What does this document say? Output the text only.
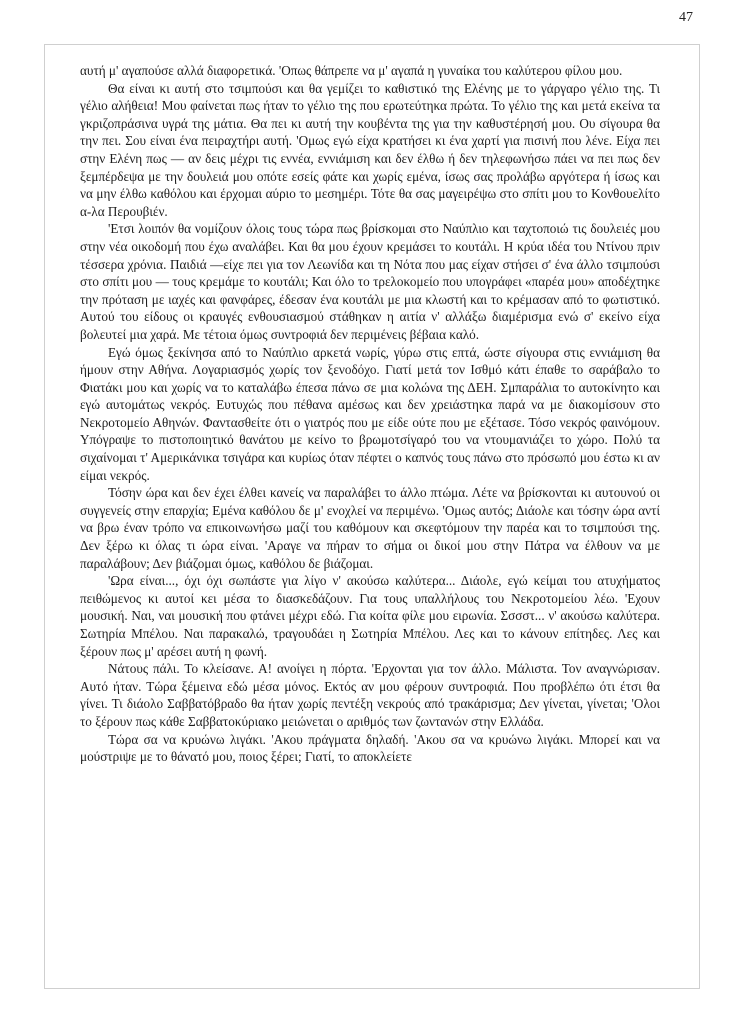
47

αυτή μ' αγαπούσε αλλά διαφορετικά. 'Οπως θάπρεπε να μ' αγαπά η γυναίκα του καλύτερου φίλου μου.

Θα είναι κι αυτή στο τσιμπούσι και θα γεμίζει το καθιστικό της Ελένης με το γάργαρο γέλιο της. Τι γέλιο αλήθεια! Μου φαίνεται πως ήταν το γέλιο της που ερωτεύτηκα πρώτα. Το γέλιο της και μετά εκείνα τα γκριζοπράσινα υγρά της μάτια. Θα πει κι αυτή την κουβέντα της για την καθυστέρησή μου. Ου σίγουρα θα την πει. Σου είναι ένα πειραχτήρι αυτή. 'Ομως εγώ είχα κρατήσει κι ένα χαρτί για πισινή που λένε. Είχα πει στην Ελένη πως — αν δεις μέχρι τις εννέα, εννιάμιση και δεν έλθω ή δεν τηλεφωνήσω πάει να πει πως δεν ξεμπέρδεψα με την δουλειά μου οπότε εσείς φάτε και χωρίς εμένα, ίσως σας προλάβω αργότερα ή ίσως και να μην έλθω καθόλου και έρχομαι αύριο το μεσημέρι. Τότε θα σας μαγειρέψω στο σπίτι μου το Κονθουελίτο α-λα Περουβιέν.

'Ετσι λοιπόν θα νομίζουν όλοις τους τώρα πως βρίσκομαι στο Ναύπλιο και ταχτοποιώ τις δουλειές μου στην νέα οικοδομή που έχω αναλάβει. Και θα μου έχουν κρεμάσει το κουτάλι. Η κρύα ιδέα του Ντίνου πριν τέσσερα χρόνια. Παιδιά —είχε πει για τον Λεωνίδα και τη Νότα που μας είχαν στήσει σ' ένα άλλο τσιμπούσι στο σπίτι μου — τους κρεμάμε το κουτάλι; Και όλο το τρελοκομείο που υπογράφει «παρέα μου» αποδέχτηκε την πρόταση με ιαχές και φανφάρες, έδεσαν ένα κουτάλι με μια κλωστή και το κρέμασαν από το φωτιστικό. Αυτού του είδους οι κραυγές ενθουσιασμού στάθηκαν η αιτία ν' αλλάξω διαμέρισμα ενώ σ' εκείνο είχα βολευτεί μια χαρά. Με τέτοια όμως συντροφιά δεν περιμένεις βέβαια καλό.

Εγώ όμως ξεκίνησα από το Ναύπλιο αρκετά νωρίς, γύρω στις επτά, ώστε σίγουρα στις εννιάμιση θα ήμουν στην Αθήνα. Λογαριασμός χωρίς τον ξενοδόχο. Γιατί μετά τον Ισθμό κάτι έπαθε το σαράβαλο το Φιατάκι μου και χωρίς να το καταλάβω έπεσα πάνω σε μια κολώνα της ΔΕΗ. Σμπαράλια το αυτοκίνητο και εγώ αυτομάτως νεκρός. Ευτυχώς που πέθανα αμέσως και δεν χρειάστηκα παρά να με διακομίσουν στο Νεκροτομείο Αθηνών. Φαντασθείτε ότι ο γιατρός που με είδε ούτε που με εξέτασε. Τόσο νεκρός φαινόμουν. Υπόγραψε το πιστοποιητικό θανάτου με κείνο το βρωμοτσίγαρό του να ντουμανιάζει το χώρο. Πολύ τα σιχαίνομαι τ' Αμερικάνικα τσιγάρα και κυρίως όταν πέφτει ο καπνός τους πάνω στο πρόσωπό μου έστω κι αν είμαι νεκρός.

Τόσην ώρα και δεν έχει έλθει κανείς να παραλάβει το άλλο πτώμα. Λέτε να βρίσκονται κι αυτουνού οι συγγενείς στην επαρχία; Εμένα καθόλου δε μ' ενοχλεί να περιμένω. 'Ομως αυτός; Διάολε και τόσην ώρα αντί να βρω έναν τρόπο να επικοινωνήσω μαζί του καθόμουν και σκεφτόμουν την παρέα και το τσιμπούσι της. Δεν ξέρω κι όλας τι ώρα είναι. 'Αραγε να πήραν το σήμα οι δικοί μου στην Πάτρα να έλθουν να με παραλάβουν; Δεν βιάζομαι όμως, καθόλου δε βιάζομαι.

'Ωρα είναι..., όχι όχι σωπάστε για λίγο ν' ακούσω καλύτερα... Διάολε, εγώ κείμαι του ατυχήματος πειθώμενος κι αυτοί κει μέσα το διασκεδάζουν. Για τους υπαλλήλους του Νεκροτομείου λέω. 'Εχουν μουσική. Ναι, ναι μουσική που φτάνει μέχρι εδώ. Για κοίτα φίλε μου ειρωνία. Σσσστ... ν' ακούσω καλύτερα. Σωτηρία Μπέλου. Ναι παρακαλώ, τραγουδάει η Σωτηρία Μπέλου. Λες και το κάνουν επίτηδες. Λες και ξέρουν πως μ' αρέσει αυτή η φωνή.

Νάτους πάλι. Το κλείσανε. Α! ανοίγει η πόρτα. 'Ερχονται για τον άλλο. Μάλιστα. Τον αναγνώρισαν. Αυτό ήταν. Τώρα ξέμεινα εδώ μέσα μόνος. Εκτός αν μου φέρουν συντροφιά. Που προβλέπω ότι έτσι θα γίνει. Τι διάολο Σαββατόβραδο θα ήταν χωρίς πεντέξη νεκρούς από τρακάρισμα; Δεν γίνεται, γίνεται; 'Ολοι το ξέρουν πως κάθε Σαββατοκύριακο μειώνεται ο αριθμός των ζωντανών στην Ελλάδα.

Τώρα σα να κρυώνω λιγάκι. 'Ακου πράγματα δηλαδή. 'Ακου σα να κρυώνω λιγάκι. Μπορεί και να μούστριψε με το θάνατό μου, ποιος ξέρει; Γιατί, το αποκλείετε
